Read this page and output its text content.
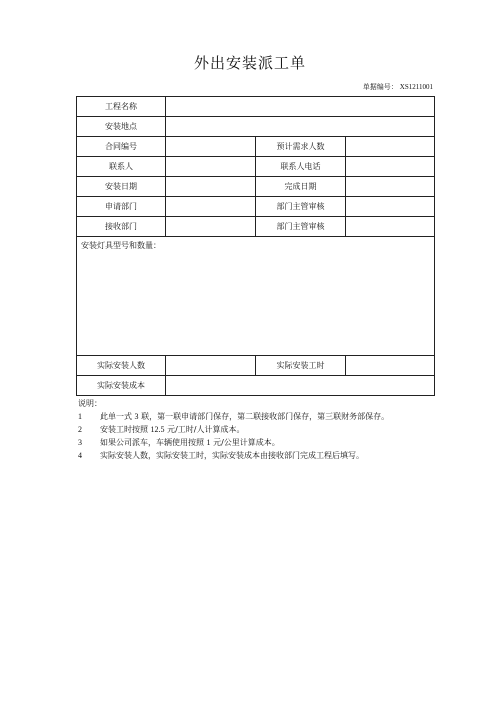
外出安装派工单
单据编号： XS1211001
工程名称			
安装地点			
合同编号		预计需求人数	
联系人		联系人电话	
安装日期		完成日期	
申请部门		部门主管审核	
接收部门		部门主管审核	
安装灯具型号和数量：			
实际安装人数		实际安装工时	
实际安装成本			
说明：
1	此单一式 3 联，第一联申请部门保存，第二联接收部门保存，第三联财务部保存。
2	安装工时按照 12.5 元/工时/人计算成本。
3	如果公司派车，车辆使用按照 1 元/公里计算成本。
4	实际安装人数，实际安装工时，实际安装成本由接收部门完成工程后填写。
